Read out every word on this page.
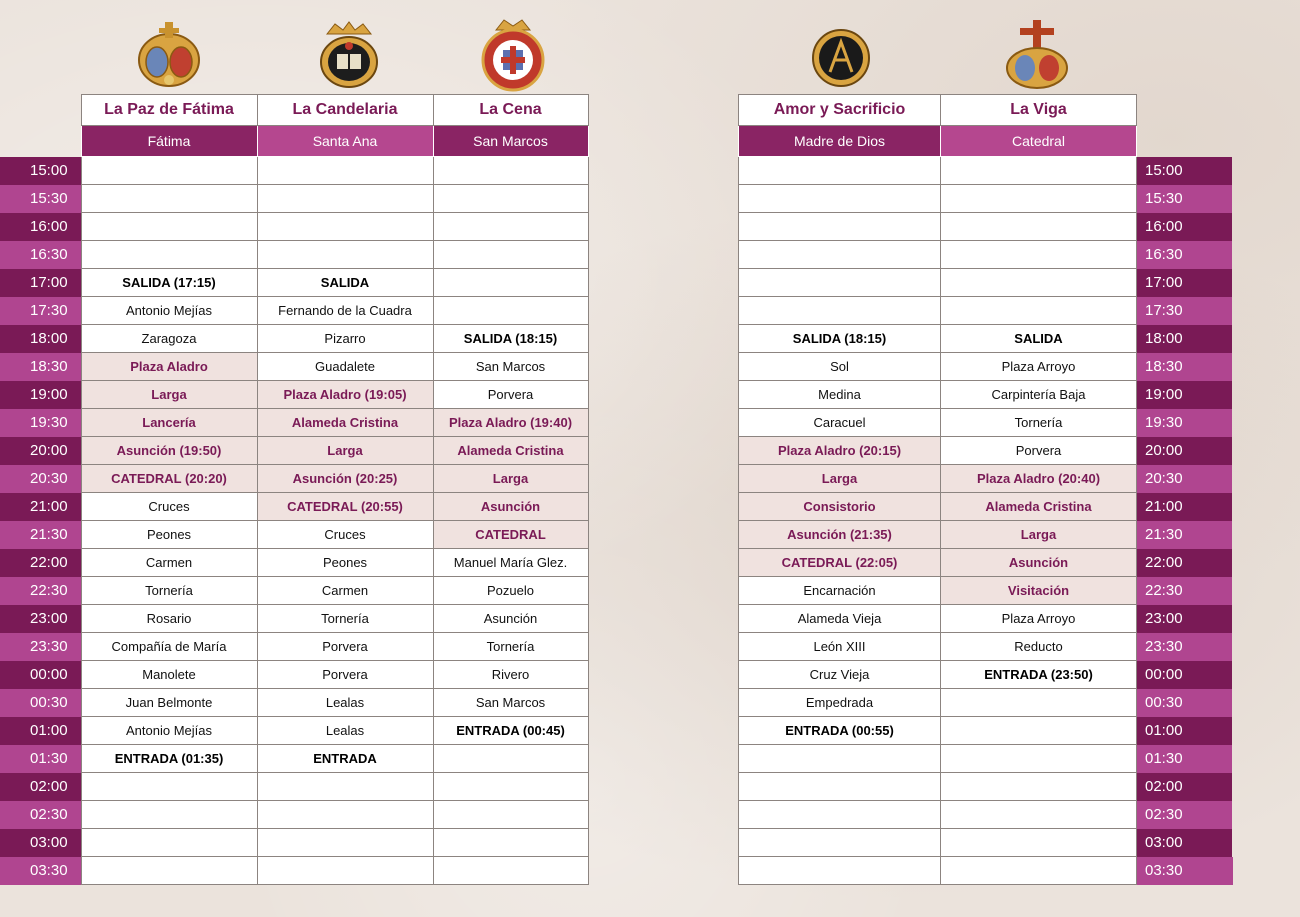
	La Paz de Fátima	La Candelaria	La Cena
	Fátima	Santa Ana	San Marcos
15:00			
15:30			
16:00			
16:30			
17:00	SALIDA (17:15)	SALIDA	
17:30	Antonio Mejías	Fernando de la Cuadra	
18:00	Zaragoza	Pizarro	SALIDA (18:15)
18:30	Plaza Aladro	Guadalete	San Marcos
19:00	Larga	Plaza Aladro (19:05)	Porvera
19:30	Lancería	Alameda Cristina	Plaza Aladro (19:40)
20:00	Asunción (19:50)	Larga	Alameda Cristina
20:30	CATEDRAL (20:20)	Asunción (20:25)	Larga
21:00	Cruces	CATEDRAL (20:55)	Asunción
21:30	Peones	Cruces	CATEDRAL
22:00	Carmen	Peones	Manuel María Glez.
22:30	Tornería	Carmen	Pozuelo
23:00	Rosario	Tornería	Asunción
23:30	Compañía de María	Porvera	Tornería
00:00	Manolete	Porvera	Rivero
00:30	Juan Belmonte	Lealas	San Marcos
01:00	Antonio Mejías	Lealas	ENTRADA (00:45)
01:30	ENTRADA (01:35)	ENTRADA	
02:00			
02:30			
03:00			
03:30			
Amor y Sacrificio	La Viga	
Madre de Dios	Catedral	
		15:00
		15:30
		16:00
		16:30
		17:00
		17:30
SALIDA (18:15)	SALIDA	18:00
Sol	Plaza Arroyo	18:30
Medina	Carpintería Baja	19:00
Caracuel	Tornería	19:30
Plaza Aladro (20:15)	Porvera	20:00
Larga	Plaza Aladro (20:40)	20:30
Consistorio	Alameda Cristina	21:00
Asunción (21:35)	Larga	21:30
CATEDRAL (22:05)	Asunción	22:00
Encarnación	Visitación	22:30
Alameda Vieja	Plaza Arroyo	23:00
León XIII	Reducto	23:30
Cruz Vieja	ENTRADA (23:50)	00:00
Empedrada		00:30
ENTRADA (00:55)		01:00
		01:30
		02:00
		02:30
		03:00
		03:30
